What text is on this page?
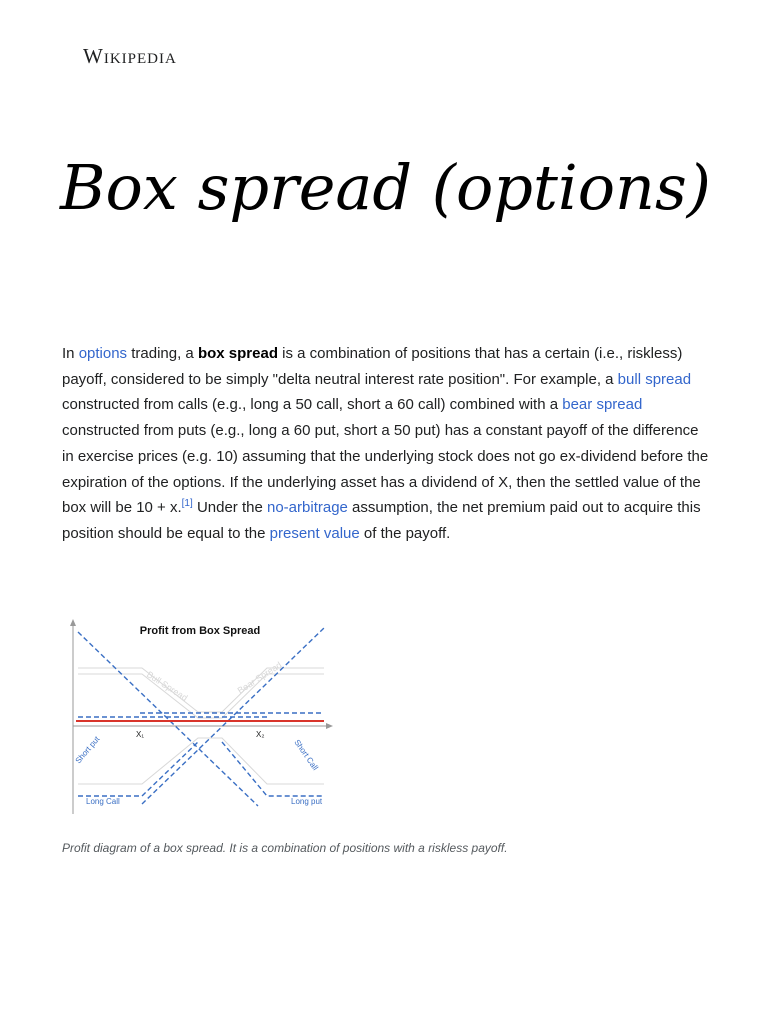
Wikipedia
Box spread (options)

In options trading, a box spread is a combination of positions that has a certain (i.e., riskless) payoff, considered to be simply "delta neutral interest rate position". For example, a bull spread constructed from calls (e.g., long a 50 call, short a 60 call) combined with a bear spread constructed from puts (e.g., long a 60 put, short a 50 put) has a constant payoff of the difference in exercise prices (e.g. 10) assuming that the underlying stock does not go ex-dividend before the expiration of the options. If the underlying asset has a dividend of X, then the settled value of the box will be 10 + x.[1] Under the no-arbitrage assumption, the net premium paid out to acquire this position should be equal to the present value of the payoff.

Bull Spread	Bear Spread
X₁	X₂
Profit from Box Spread
Short put	Short Call
Long Call	Long put

Profit diagram of a box spread. It is a combination of positions with a riskless payoff.
